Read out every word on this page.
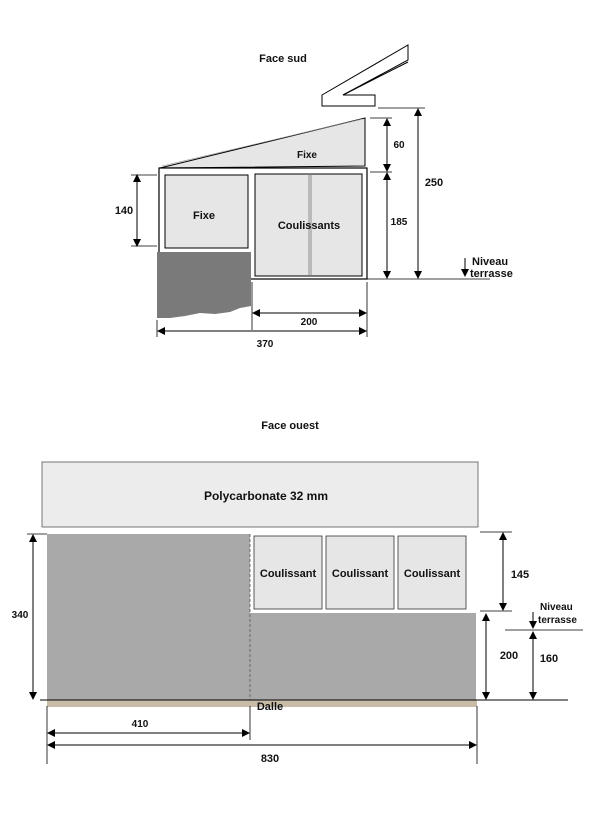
Face sud
Fixe
Fixe
Coulissants
140
60
185
250
Niveau
terrasse
200
370
Face ouest
Polycarbonate 32 mm
Coulissant Coulissant Coulissant
Dalle
340
145
200
Niveau
terrasse
160
410
830
